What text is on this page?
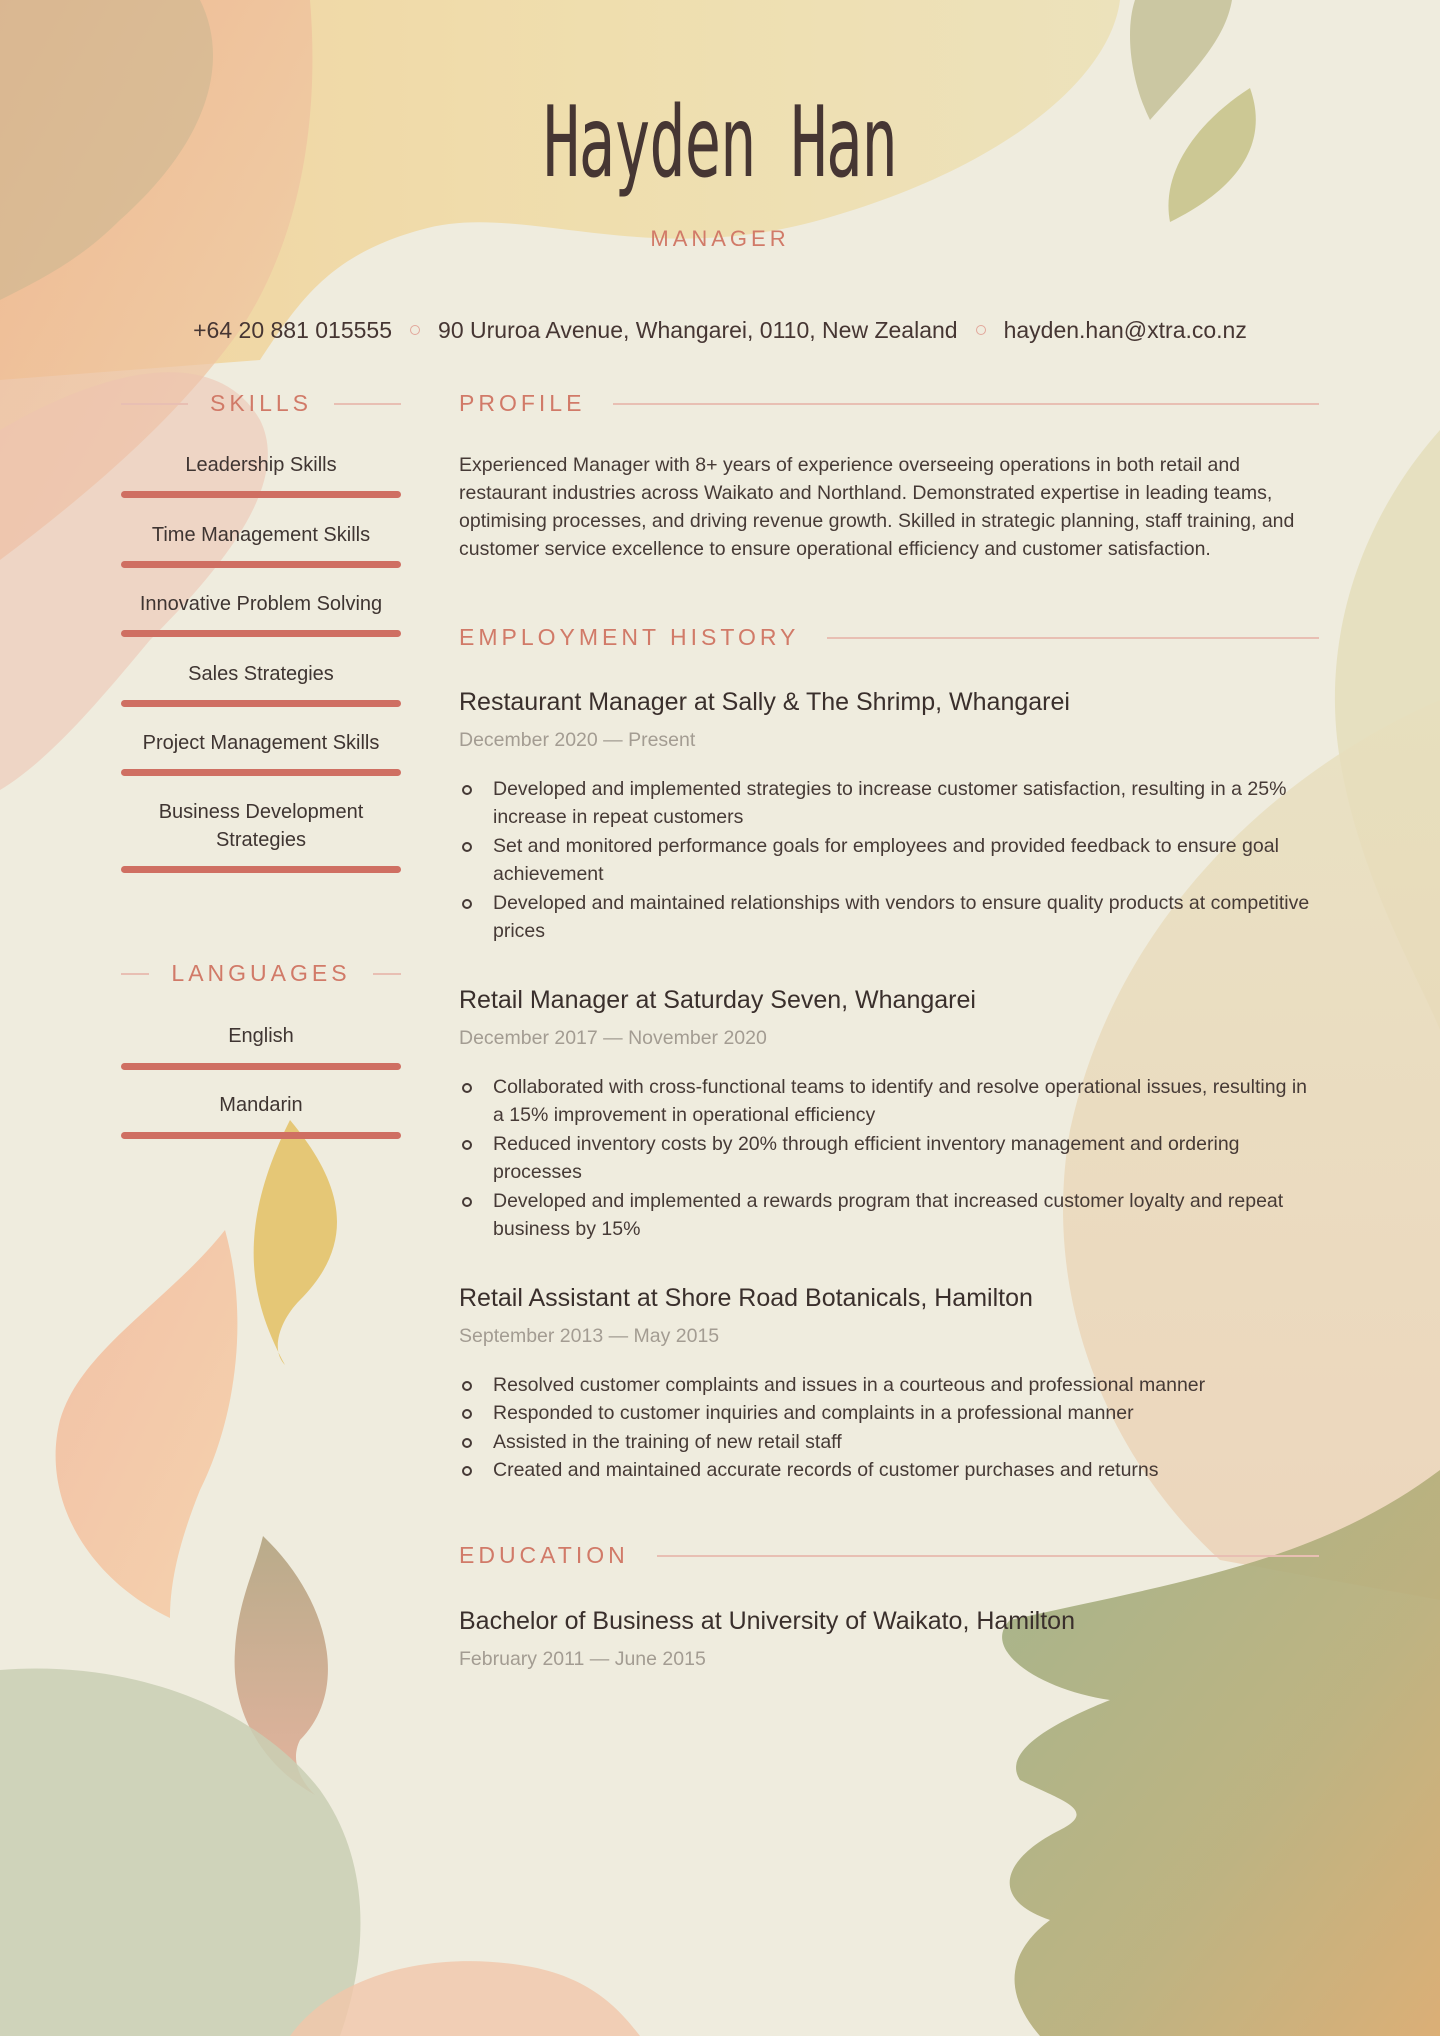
Hayden Han
MANAGER
+64 20 881 015555 90 Ururoa Avenue, Whangarei, 0110, New Zealand hayden.han@xtra.co.nz
SKILLS
Leadership Skills
Time Management Skills
Innovative Problem Solving
Sales Strategies
Project Management Skills
Business Development Strategies
LANGUAGES
English
Mandarin
PROFILE
Experienced Manager with 8+ years of experience overseeing operations in both retail and restaurant industries across Waikato and Northland. Demonstrated expertise in leading teams, optimising processes, and driving revenue growth. Skilled in strategic planning, staff training, and customer service excellence to ensure operational efficiency and customer satisfaction.
EMPLOYMENT HISTORY
Restaurant Manager at Sally & The Shrimp, Whangarei
December 2020 — Present
Developed and implemented strategies to increase customer satisfaction, resulting in a 25% increase in repeat customers
Set and monitored performance goals for employees and provided feedback to ensure goal achievement
Developed and maintained relationships with vendors to ensure quality products at competitive prices
Retail Manager at Saturday Seven, Whangarei
December 2017 — November 2020
Collaborated with cross-functional teams to identify and resolve operational issues, resulting in a 15% improvement in operational efficiency
Reduced inventory costs by 20% through efficient inventory management and ordering processes
Developed and implemented a rewards program that increased customer loyalty and repeat business by 15%
Retail Assistant at Shore Road Botanicals, Hamilton
September 2013 — May 2015
Resolved customer complaints and issues in a courteous and professional manner
Responded to customer inquiries and complaints in a professional manner
Assisted in the training of new retail staff
Created and maintained accurate records of customer purchases and returns
EDUCATION
Bachelor of Business at University of Waikato, Hamilton
February 2011 — June 2015
